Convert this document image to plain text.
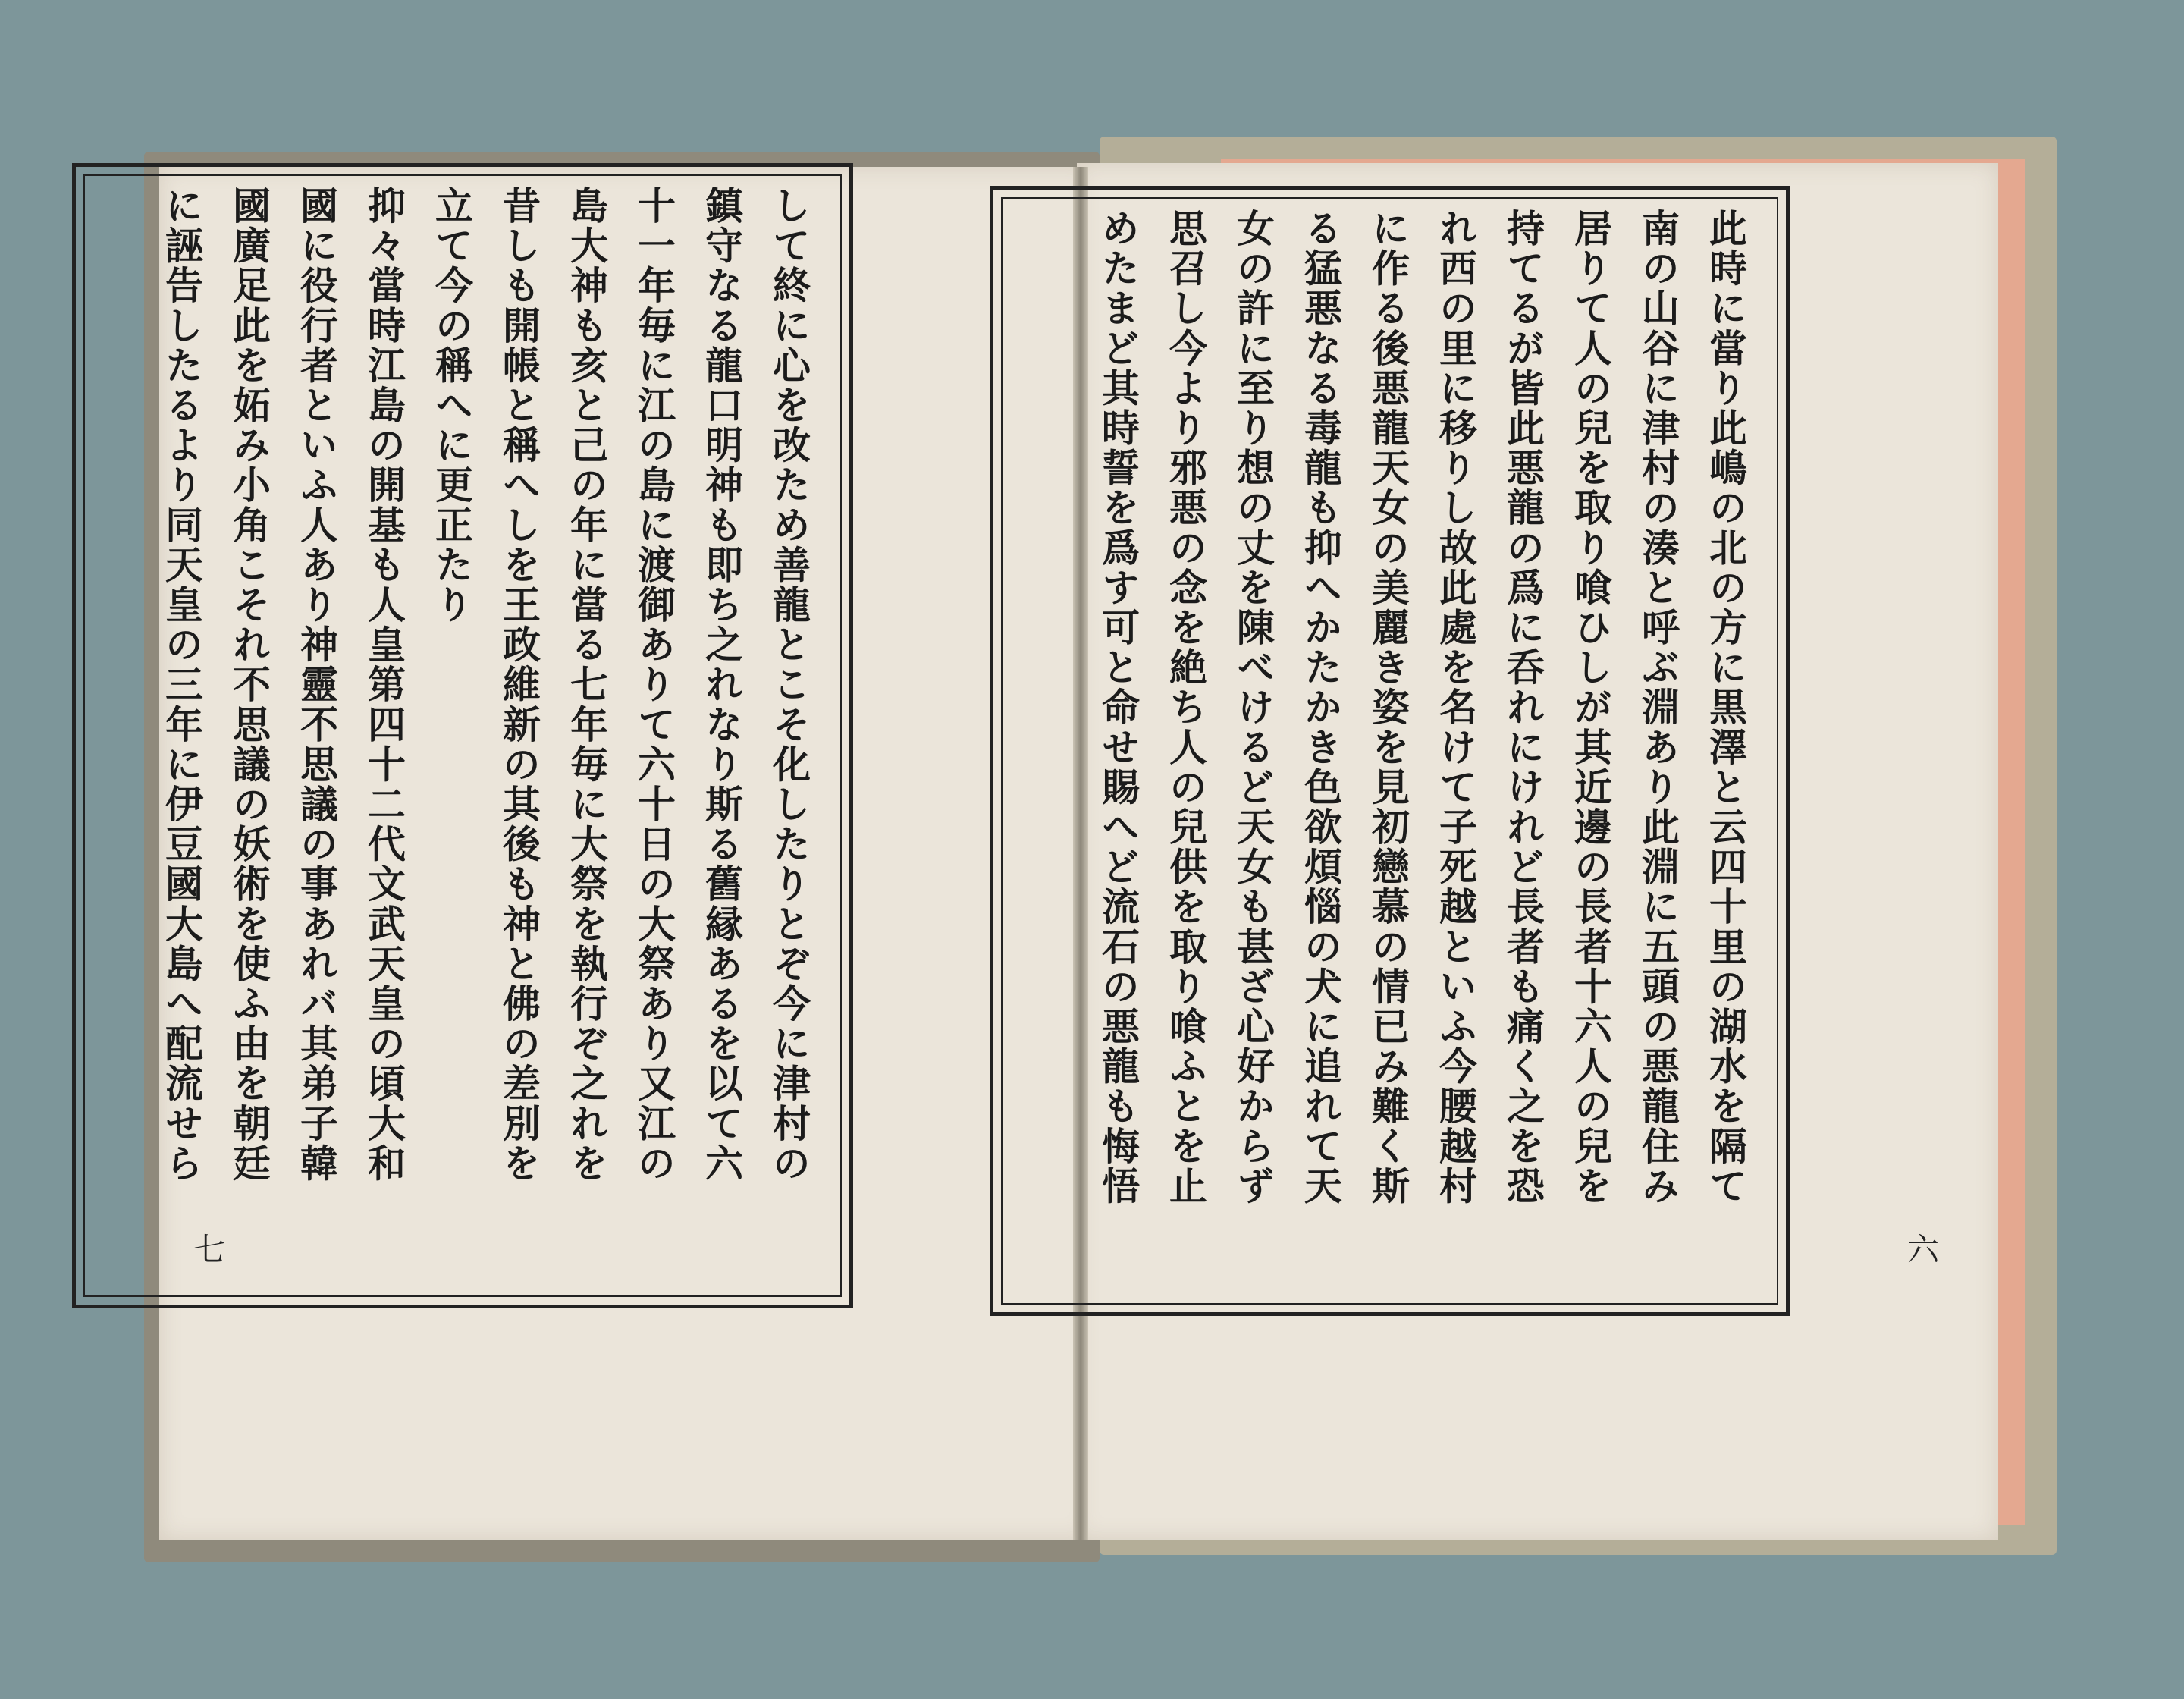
此時に當り此嶋の北の方に黒澤と云四十里の湖水を隔て
南の山谷に津村の湊と呼ぶ淵あり此淵に五頭の悪龍住み
居りて人の兒を取り喰ひしが其近邊の長者十六人の兒を
持てるが皆此悪龍の爲に呑れにけれど長者も痛く之を恐
れ西の里に移りし故此處を名けて子死越といふ今腰越村
に作る後悪龍天女の美麗き姿を見初戀慕の情已み難く斯
る猛悪なる毒龍も抑へかたかき色欲煩惱の犬に追れて天
女の許に至り想の丈を陳べけるど天女も甚ざ心好からず
思召し今より邪悪の念を絶ち人の兒供を取り喰ふとを止
めたまど其時誓を爲す可と命せ賜へど流石の悪龍も悔悟
して終に心を改ため善龍とこそ化したりとぞ今に津村の
鎮守なる龍口明神も即ち之れなり斯る舊縁あるを以て六
十一年毎に江の島に渡御ありて六十日の大祭あり又江の
島大神も亥と己の年に當る七年毎に大祭を執行ぞ之れを
昔しも開帳と稱へしを王政維新の其後も神と佛の差別を
立て今の稱へに更正たり
抑々當時江島の開基も人皇第四十二代文武天皇の頃大和
國に役行者といふ人あり神靈不思議の事あれバ其弟子韓
國廣足此を妬み小角こそれ不思議の妖術を使ふ由を朝廷
に誣告したるより同天皇の三年に伊豆國大島へ配流せら
七	六
